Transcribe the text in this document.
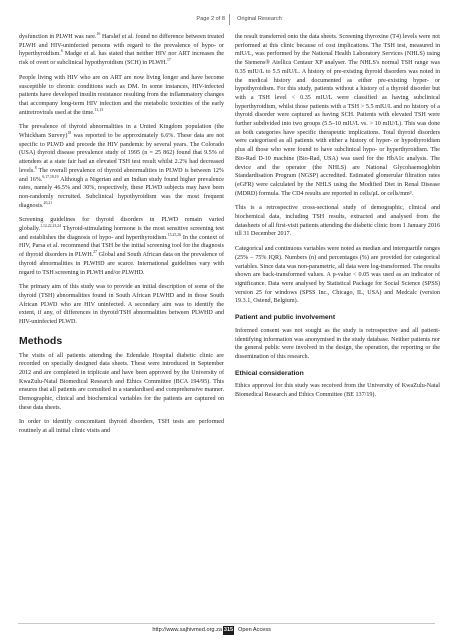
Page 2 of 8 Original Research

dysfunction in PLWH was rare.$^{16}$ Harsløf et al. found no difference between treated PLWH and HIV-uninfected persons with regard to the prevalence of hypo- or hyperthyroidism.$^6$ Madge et al. has stated that neither HIV nor ART increases the risk of overt or subclinical hypothyroidism (SCH) in PLWH.$^{17}$

People living with HIV who are on ART are now living longer and have become susceptible to chronic conditions such as DM. In some instances, HIV-infected patients have developed insulin resistance resulting from the inflammatory changes that accompany long-term HIV infection and the metabolic toxicities of the early antiretrovirals used at the time.$^{11,13}$

The prevalence of thyroid abnormalities in a United Kingdom population (the Whickham Survey)$^{18}$ was reported to be approximately 6.6%. These data are not specific to PLWD and precede the HIV pandemic by several years. The Colorado (USA) thyroid disease prevalence study of 1995 (n = 25 862) found that 9.5% of attendees at a state fair had an elevated TSH test result whilst 2.2% had decreased levels.$^8$ The overall prevalence of thyroid abnormalities in PLWD is between 12% and 16%.$^{6,17,18,19}$ Although a Nigerian and an Indian study found higher prevalence rates, namely 46.5% and 30%, respectively, these PLWD subjects may have been non-randomly recruited. Subclinical hypothyroidism was the most frequent diagnosis.$^{20,21}$

Screening guidelines for thyroid disorders in PLWD remain varied globally.$^{1,12,22,23,24}$ Thyroid-stimulating hormone is the most sensitive screening test and establishes the diagnosis of hypo- and hyperthyroidism.$^{15,25,26}$ In the context of HIV, Parsa et al. recommend that TSH be the initial screening tool for the diagnosis of thyroid disorders in PLWH.$^{27}$ Global and South African data on the prevalence of thyroid abnormalities in PLWHD are scarce. International guidelines vary with regard to TSH screening in PLWH and/or PLWHD.

The primary aim of this study was to provide an initial description of some of the thyroid (TSH) abnormalities found in South African PLWHD and in those South African PLWD who are HIV uninfected. A secondary aim was to identify the extent, if any, of differences in thyroid/TSH abnormalities between PLWHD and HIV-uninfected PLWD.

Methods

The visits of all patients attending the Edendale Hospital diabetic clinic are recorded on specially designed data sheets. These were introduced in September 2012 and are completed in triplicate and have been approved by the University of KwaZulu-Natal Biomedical Research and Ethics Committee (BCA 194/95). This ensures that all patients are consulted in a standardised and comprehensive manner. Demographic, clinical and biochemical variables for the patients are captured on these data sheets.

In order to identify concomitant thyroid disorders, TSH tests are performed routinely at all initial clinic visits and

the result transferred onto the data sheets. Screening thyroxine (T4) levels were not performed at this clinic because of cost implications. The TSH test, measured in mIU/L, was performed by the National Health Laboratory Services (NHLS) using the Siemens® Atellica Centaur XP analyser. The NHLS's normal TSH range was 0.35 mIU/L to 5.5 mIU/L. A history of pre-existing thyroid disorders was noted in the medical history and documented as either pre-existing hyper- or hypothyroidism. For this study, patients without a history of a thyroid disorder but with a TSH level < 0.35 mIU/L were classified as having subclinical hyperthyroidism, whilst those patients with a TSH > 5.5 mIU/L and no history of a thyroid disorder were captured as having SCH. Patients with elevated TSH were further subdivided into two groups (5.5–10 mIU/L vs. > 10 mIU/L). This was done as both categories have specific therapeutic implications. Total thyroid disorders were categorised as all patients with either a history of hyper- or hypothyroidism plus all those who were found to have subclinical hypo- or hyperthyroidism. The Bio-Rad D-10 machine (Bio-Rad, USA) was used for the HbA1c analysis. The device and the operator (the NHLS) are National Glycohaemoglobin Standardisation Program (NGSP) accredited. Estimated glomerular filtration rates (eGFR) were calculated by the NHLS using the Modified Diet in Renal Disease (MDRD) formula. The CD4 results are reported in cells/μL or cells/mm³.

This is a retrospective cross-sectional study of demographic, clinical and biochemical data, including TSH results, extracted and analysed from the datasheets of all first-visit patients attending the diabetic clinic from 1 January 2016 till 31 December 2017.

Categorical and continuous variables were noted as median and interquartile ranges (25% – 75% IQR). Numbers (n) and percentages (%) are provided for categorical variables. Since data was non-parametric, all data were log-transformed. The results shown are back-transformed values. A p-value < 0.05 was used as an indicator of significance. Data were analysed by Statistical Package for Social Science (SPSS) version 25 for windows (SPSS Inc., Chicago, IL, USA) and Medcalc (version 19.3.1, Ostend, Belgium).

Patient and public involvement

Informed consent was not sought as the study is retrospective and all patient-identifying information was anonymised in the study database. Neither patients nor the general public were involved in the design, the operation, the reporting or the dissemination of this research.

Ethical consideration

Ethics approval for this study was received from the University of KwaZulu-Natal Biomedical Research and Ethics Committee (BE 137/19).

http://www.sajhivmed.org.za 315 Open Access
